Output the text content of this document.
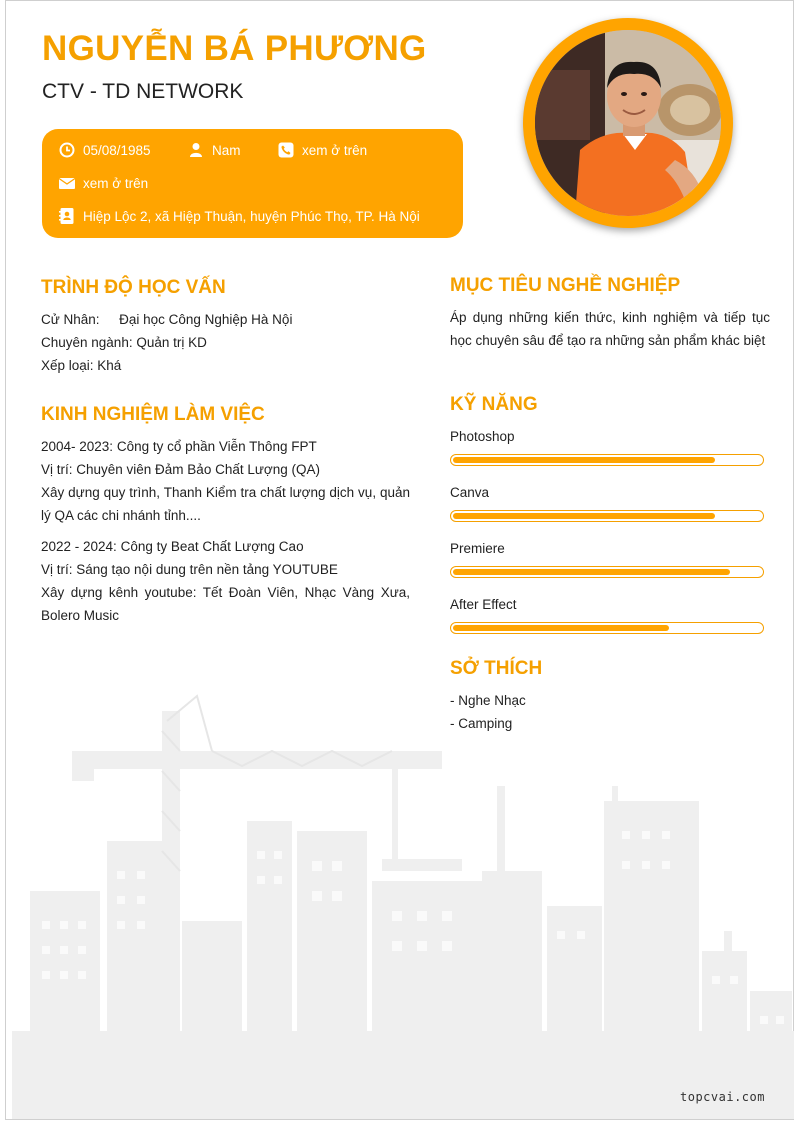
NGUYỄN BÁ PHƯƠNG
CTV - TD NETWORK
05/08/1985	Nam	xem ở trên
xem ở trên
Hiệp Lộc 2, xã Hiệp Thuận, huyện Phúc Thọ, TP. Hà Nội
TRÌNH ĐỘ HỌC VẤN
Cử Nhân: Đại học Công Nghiệp Hà Nội
Chuyên ngành: Quản trị KD
Xếp loại: Khá
KINH NGHIỆM LÀM VIỆC
2004- 2023: Công ty cổ phần Viễn Thông FPT
Vị trí: Chuyên viên Đảm Bảo Chất Lượng (QA)
Xây dựng quy trình, Thanh Kiểm tra chất lượng dịch vụ, quản lý QA các chi nhánh tỉnh....
2022 - 2024: Công ty Beat Chất Lượng Cao
Vị trí: Sáng tạo nội dung trên nền tảng YOUTUBE
Xây dựng kênh youtube: Tết Đoàn Viên, Nhạc Vàng Xưa, Bolero Music
MỤC TIÊU NGHỀ NGHIỆP
Áp dụng những kiến thức, kinh nghiệm và tiếp tục học chuyên sâu để tạo ra những sản phẩm khác biệt
KỸ NĂNG
Photoshop
Canva
Premiere
After Effect
SỞ THÍCH
- Nghe Nhạc
- Camping
topcvai.com
